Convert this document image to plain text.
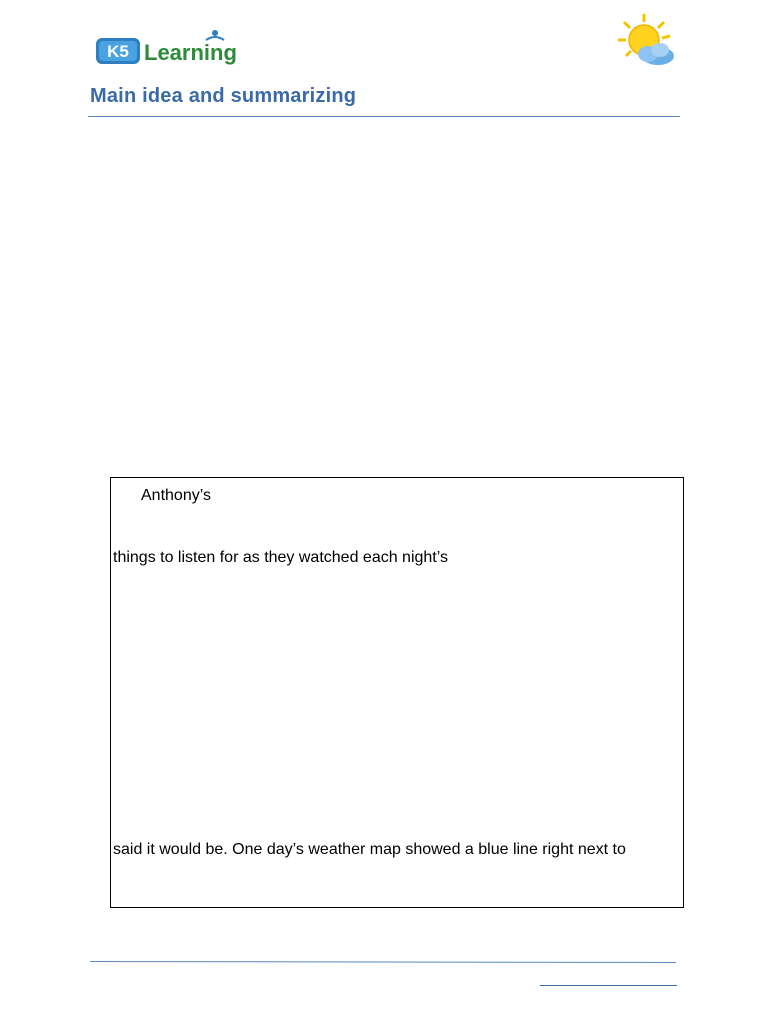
K5 Learning
Main idea and summarizing
Anthony’s
things to listen for as they watched each night’s
said it would be. One day’s weather map showed a blue line right next to
